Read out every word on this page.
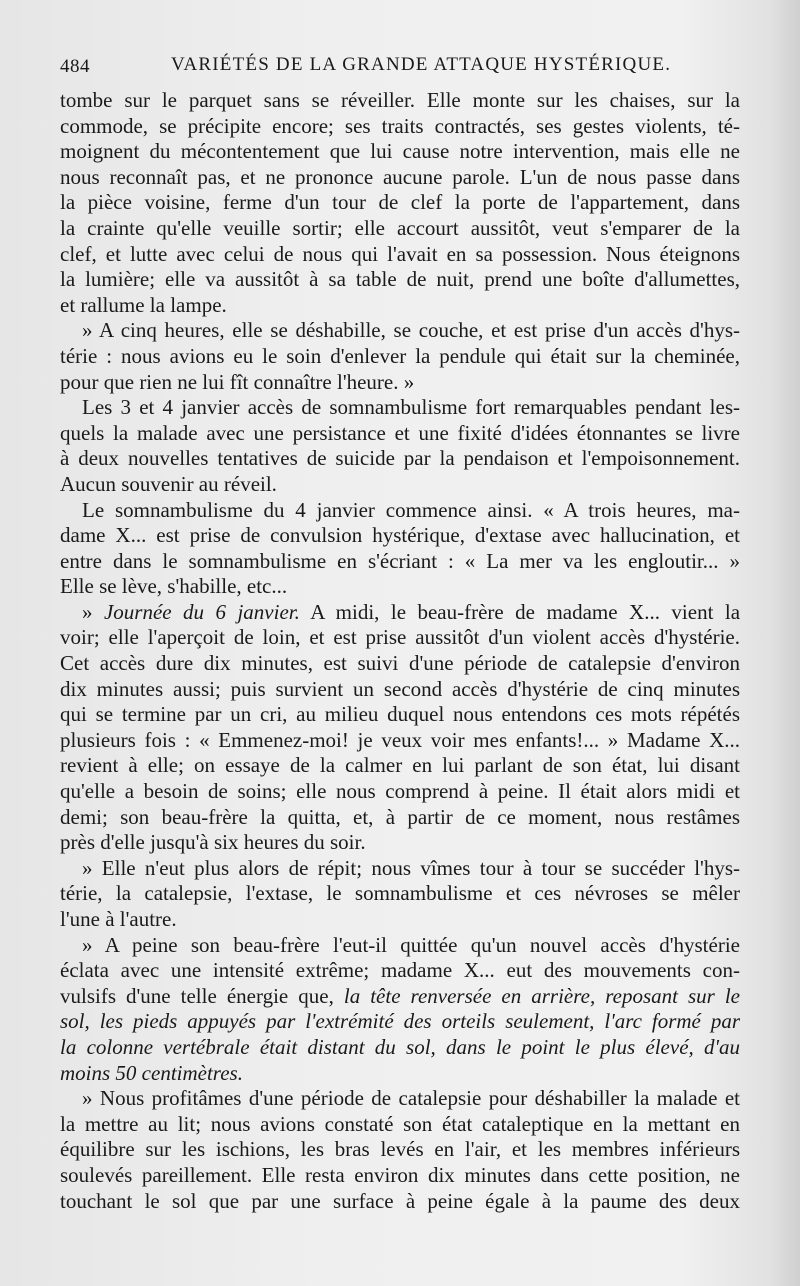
484	VARIÉTÉS DE LA GRANDE ATTAQUE HYSTÉRIQUE.
tombe sur le parquet sans se réveiller. Elle monte sur les chaises, sur la
commode, se précipite encore; ses traits contractés, ses gestes violents, té-
moignent du mécontentement que lui cause notre intervention, mais elle ne
nous reconnaît pas, et ne prononce aucune parole. L'un de nous passe dans
la pièce voisine, ferme d'un tour de clef la porte de l'appartement, dans
la crainte qu'elle veuille sortir; elle accourt aussitôt, veut s'emparer de la
clef, et lutte avec celui de nous qui l'avait en sa possession. Nous éteignons
la lumière; elle va aussitôt à sa table de nuit, prend une boîte d'allumettes,
et rallume la lampe.
» A cinq heures, elle se déshabille, se couche, et est prise d'un accès d'hys-
térie : nous avions eu le soin d'enlever la pendule qui était sur la cheminée,
pour que rien ne lui fît connaître l'heure. »
Les 3 et 4 janvier accès de somnambulisme fort remarquables pendant les-
quels la malade avec une persistance et une fixité d'idées étonnantes se livre
à deux nouvelles tentatives de suicide par la pendaison et l'empoisonnement.
Aucun souvenir au réveil.
Le somnambulisme du 4 janvier commence ainsi. « A trois heures, ma-
dame X... est prise de convulsion hystérique, d'extase avec hallucination, et
entre dans le somnambulisme en s'écriant : « La mer va les engloutir... »
Elle se lève, s'habille, etc...
» Journée du 6 janvier. A midi, le beau-frère de madame X... vient la
voir; elle l'aperçoit de loin, et est prise aussitôt d'un violent accès d'hystérie.
Cet accès dure dix minutes, est suivi d'une période de catalepsie d'environ
dix minutes aussi; puis survient un second accès d'hystérie de cinq minutes
qui se termine par un cri, au milieu duquel nous entendons ces mots répétés
plusieurs fois : « Emmenez-moi! je veux voir mes enfants!... » Madame X...
revient à elle; on essaye de la calmer en lui parlant de son état, lui disant
qu'elle a besoin de soins; elle nous comprend à peine. Il était alors midi et
demi; son beau-frère la quitta, et, à partir de ce moment, nous restâmes
près d'elle jusqu'à six heures du soir.
» Elle n'eut plus alors de répit; nous vîmes tour à tour se succéder l'hys-
térie, la catalepsie, l'extase, le somnambulisme et ces névroses se mêler
l'une à l'autre.
» A peine son beau-frère l'eut-il quittée qu'un nouvel accès d'hystérie
éclata avec une intensité extrême; madame X... eut des mouvements con-
vulsifs d'une telle énergie que, la tête renversée en arrière, reposant sur le
sol, les pieds appuyés par l'extrémité des orteils seulement, l'arc formé par
la colonne vertébrale était distant du sol, dans le point le plus élevé, d'au
moins 50 centimètres.
» Nous profitâmes d'une période de catalepsie pour déshabiller la malade et
la mettre au lit; nous avions constaté son état cataleptique en la mettant en
équilibre sur les ischions, les bras levés en l'air, et les membres inférieurs
soulevés pareillement. Elle resta environ dix minutes dans cette position, ne
touchant le sol que par une surface à peine égale à la paume des deux
